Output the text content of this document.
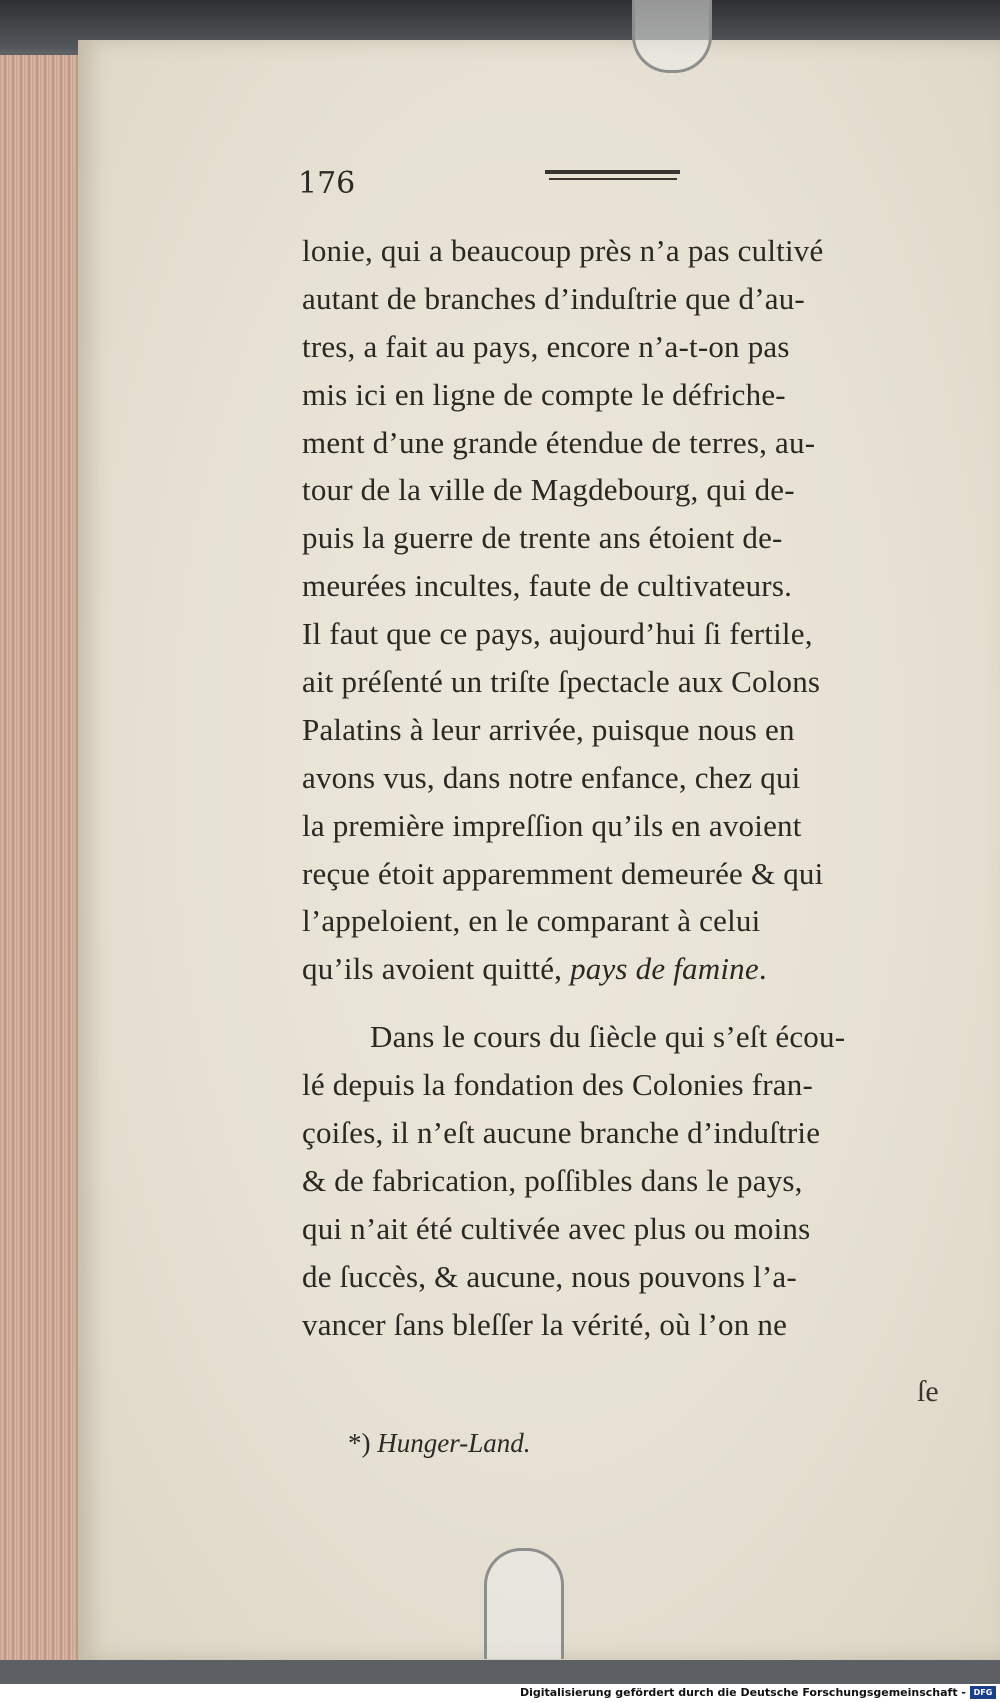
176
lonie, qui a beaucoup près n’a pas cultivé
autant de branches d’induſtrie que d’au-
tres, a fait au pays, encore n’a-t-on pas
mis ici en ligne de compte le défriche-
ment d’une grande étendue de terres, au-
tour de la ville de Magdebourg, qui de-
puis la guerre de trente ans étoient de-
meurées incultes, faute de cultivateurs.
Il faut que ce pays, aujourd’hui ſi fertile,
ait préſenté un triſte ſpectacle aux Colons
Palatins à leur arrivée, puisque nous en
avons vus, dans notre enfance, chez qui
la première impreſſion qu’ils en avoient
reçue étoit apparemment demeurée & qui
l’appeloient, en le comparant à celui
qu’ils avoient quitté, pays de famine.
Dans le cours du ſiècle qui s’eſt écou-
lé depuis la fondation des Colonies fran-
çoiſes, il n’eſt aucune branche d’induſtrie
& de fabrication, poſſibles dans le pays,
qui n’ait été cultivée avec plus ou moins
de ſuccès, & aucune, nous pouvons l’a-
vancer ſans bleſſer la vérité, où l’on ne
ſe
*) Hunger-Land.
Digitalisierung gefördert durch die Deutsche Forschungsgemeinschaft - DFG
